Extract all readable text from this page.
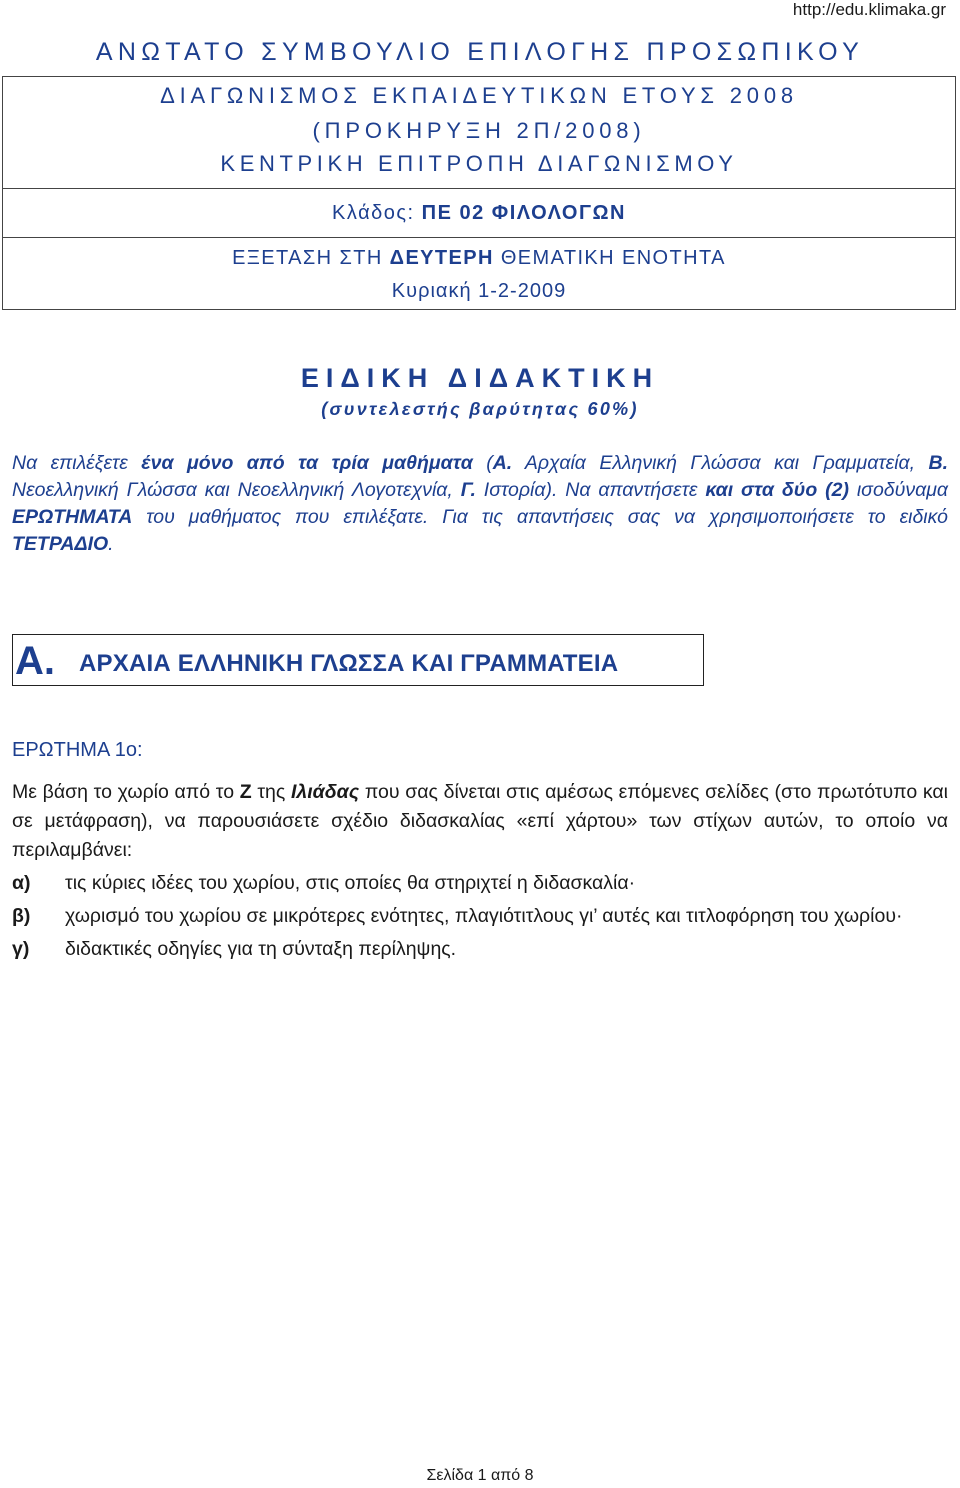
http://edu.klimaka.gr
ΑΝΩΤΑΤΟ ΣΥΜΒΟΥΛΙΟ ΕΠΙΛΟΓΗΣ ΠΡΟΣΩΠΙΚΟΥ
ΔΙΑΓΩΝΙΣΜΟΣ ΕΚΠΑΙΔΕΥΤΙΚΩΝ ΕΤΟΥΣ 2008
(ΠΡΟΚΗΡΥΞΗ 2Π/2008)
ΚΕΝΤΡΙΚΗ ΕΠΙΤΡΟΠΗ ΔΙΑΓΩΝΙΣΜΟΥ
Κλάδος: ΠΕ 02 ΦΙΛΟΛΟΓΩΝ
ΕΞΕΤΑΣΗ ΣΤΗ ΔΕΥΤΕΡΗ ΘΕΜΑΤΙΚΗ ΕΝΟΤΗΤΑ
Κυριακή 1-2-2009
ΕΙΔΙΚΗ ΔΙΔΑΚΤΙΚΗ
(συντελεστής βαρύτητας 60%)

Να επιλέξετε ένα μόνο από τα τρία μαθήματα (Α. Αρχαία Ελληνική Γλώσσα και Γραμματεία, Β. Νεοελληνική Γλώσσα και Νεοελληνική Λογοτεχνία, Γ. Ιστορία). Να απαντήσετε και στα δύο (2) ισοδύναμα ΕΡΩΤΗΜΑΤΑ του μαθήματος που επιλέξατε. Για τις απαντήσεις σας να χρησιμοποιήσετε το ειδικό ΤΕΤΡΑΔΙΟ.

Α. ΑΡΧΑΙΑ ΕΛΛΗΝΙΚΗ ΓΛΩΣΣΑ ΚΑΙ ΓΡΑΜΜΑΤΕΙΑ
ΕΡΩΤΗΜΑ 1ο:
Με βάση το χωρίο από το Ζ της Ιλιάδας που σας δίνεται στις αμέσως επόμενες σελίδες (στο πρωτότυπο και σε μετάφραση), να παρουσιάσετε σχέδιο διδασκαλίας «επί χάρτου» των στίχων αυτών, το οποίο να περιλαμβάνει:
α) τις κύριες ιδέες του χωρίου, στις οποίες θα στηριχτεί η διδασκαλία·
β) χωρισμό του χωρίου σε μικρότερες ενότητες, πλαγιότιτλους γι’ αυτές και τιτλοφόρηση του χωρίου·
γ) διδακτικές οδηγίες για τη σύνταξη περίληψης.
Σελίδα 1 από 8
